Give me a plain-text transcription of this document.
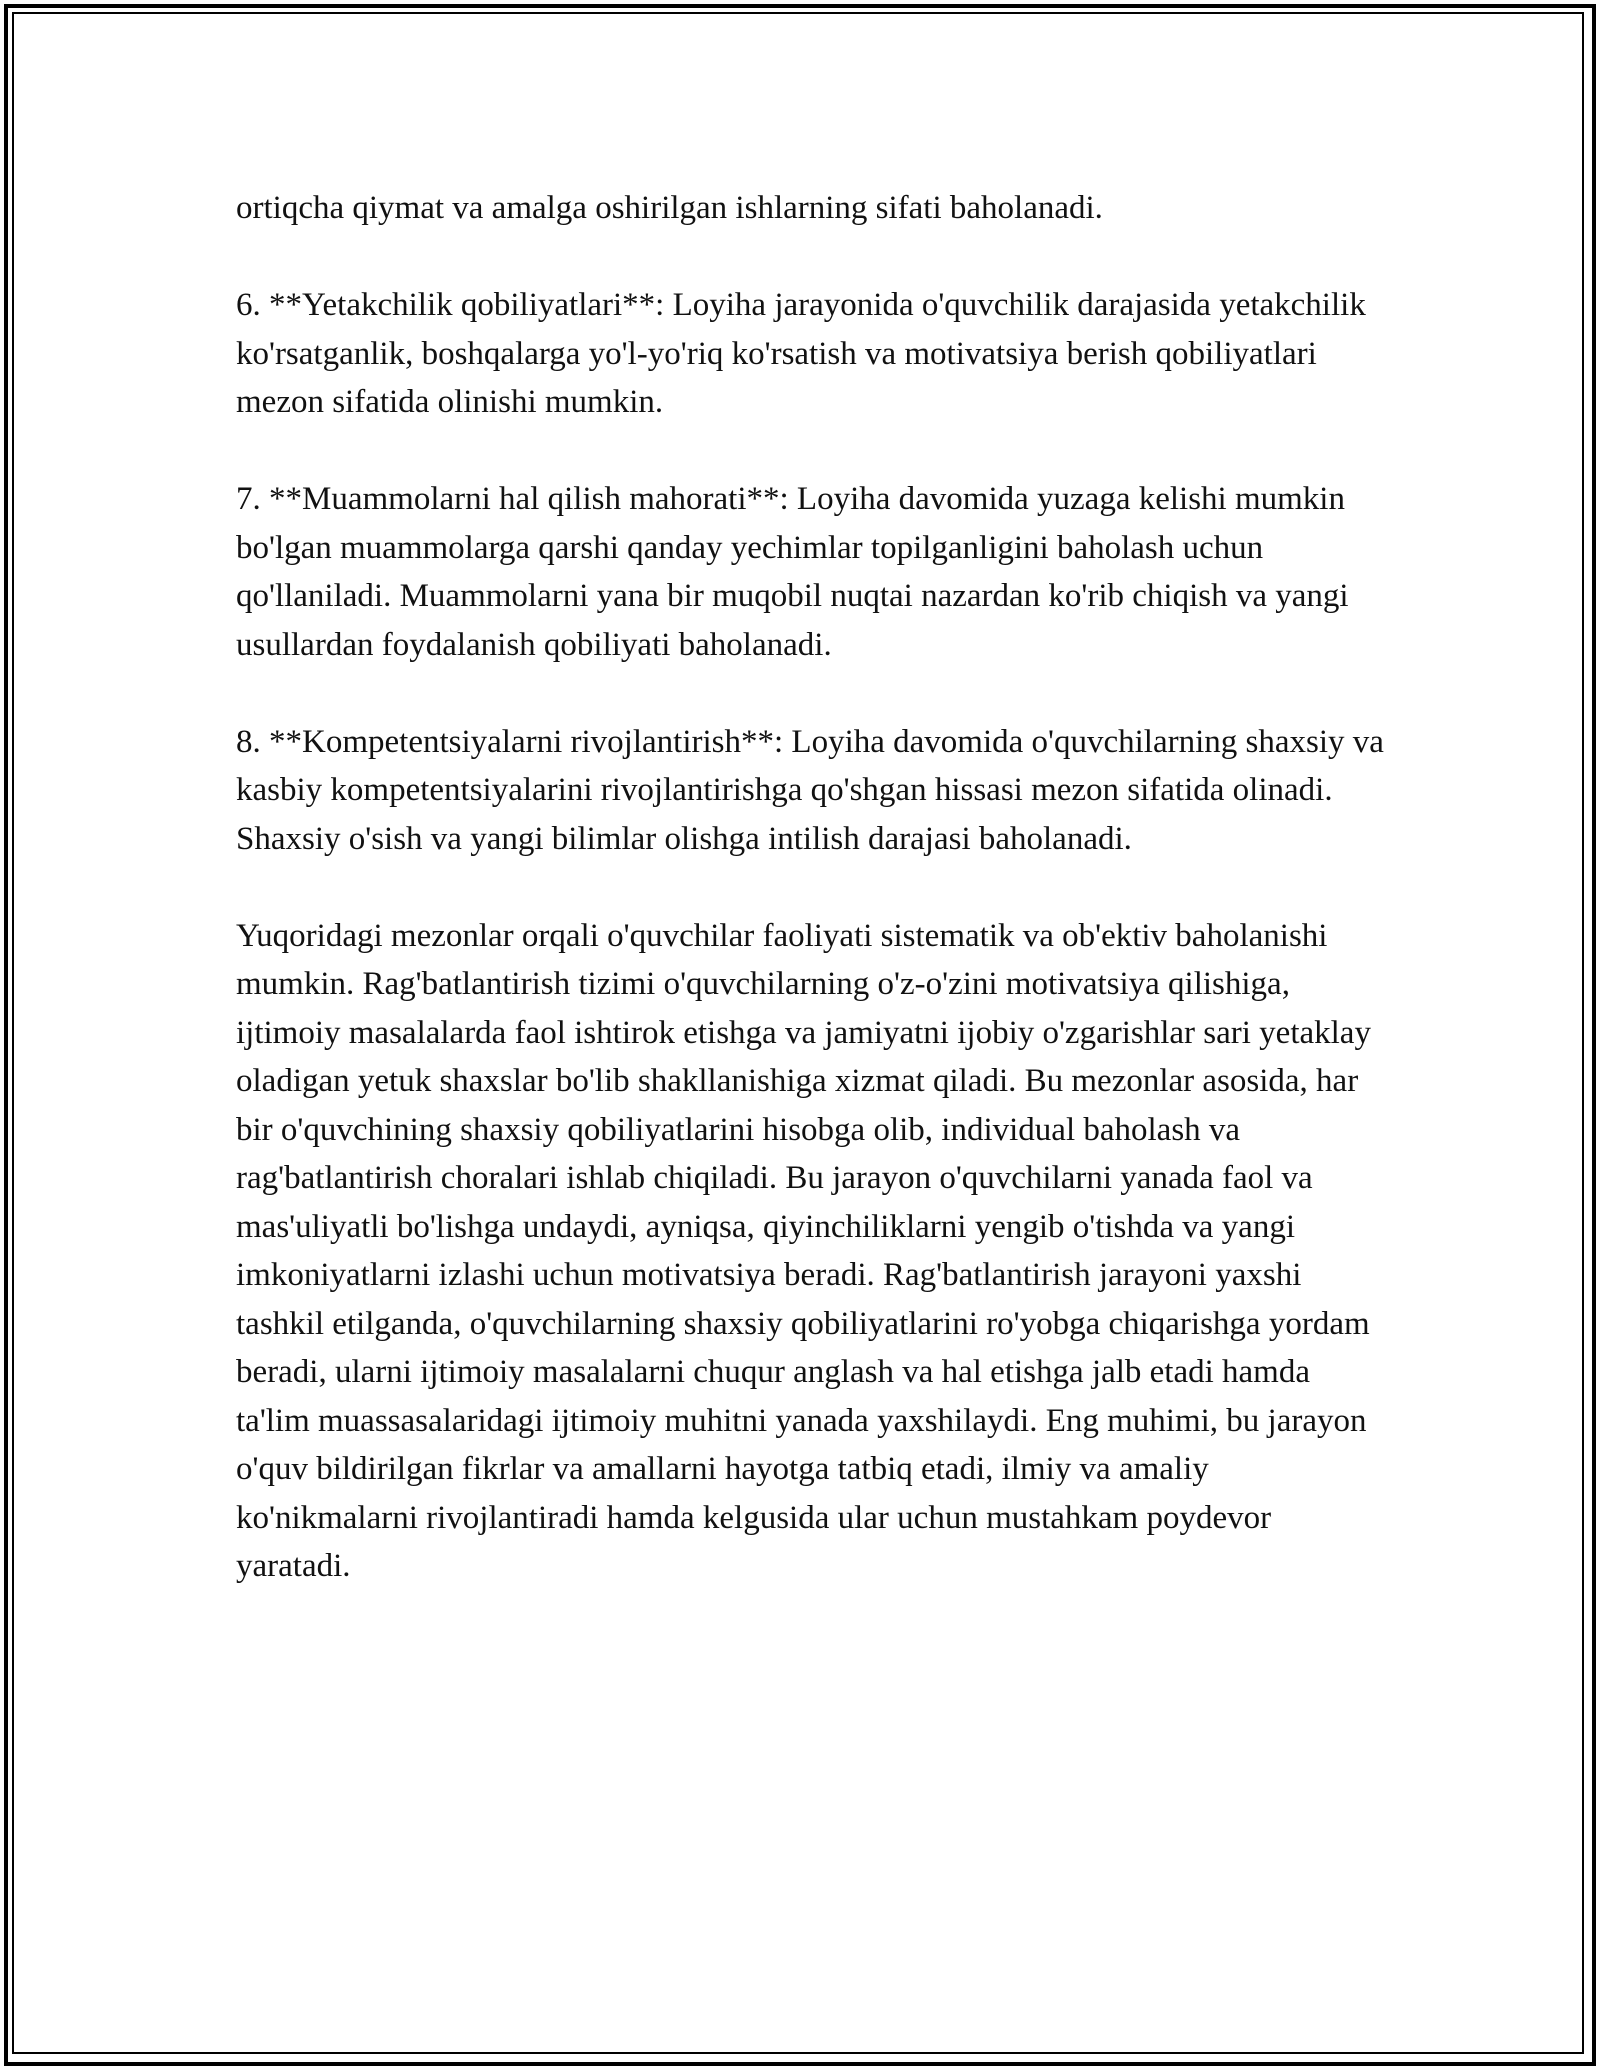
ortiqcha qiymat va amalga oshirilgan ishlarning sifati baholanadi.

6. **Yetakchilik qobiliyatlari**: Loyiha jarayonida o'quvchilik darajasida yetakchilik ko'rsatganlik, boshqalarga yo'l-yo'riq ko'rsatish va motivatsiya berish qobiliyatlari mezon sifatida olinishi mumkin.

7. **Muammolarni hal qilish mahorati**: Loyiha davomida yuzaga kelishi mumkin bo'lgan muammolarga qarshi qanday yechimlar topilganligini baholash uchun qo'llaniladi. Muammolarni yana bir muqobil nuqtai nazardan ko'rib chiqish va yangi usullardan foydalanish qobiliyati baholanadi.

8. **Kompetentsiyalarni rivojlantirish**: Loyiha davomida o'quvchilarning shaxsiy va kasbiy kompetentsiyalarini rivojlantirishga qo'shgan hissasi mezon sifatida olinadi. Shaxsiy o'sish va yangi bilimlar olishga intilish darajasi baholanadi.

Yuqoridagi mezonlar orqali o'quvchilar faoliyati sistematik va ob'ektiv baholanishi mumkin. Rag'batlantirish tizimi o'quvchilarning o'z-o'zini motivatsiya qilishiga, ijtimoiy masalalarda faol ishtirok etishga va jamiyatni ijobiy o'zgarishlar sari yetaklay oladigan yetuk shaxslar bo'lib shakllanishiga xizmat qiladi. Bu mezonlar asosida, har bir o'quvchining shaxsiy qobiliyatlarini hisobga olib, individual baholash va rag'batlantirish choralari ishlab chiqiladi. Bu jarayon o'quvchilarni yanada faol va mas'uliyatli bo'lishga undaydi, ayniqsa, qiyinchiliklarni yengib o'tishda va yangi imkoniyatlarni izlashi uchun motivatsiya beradi. Rag'batlantirish jarayoni yaxshi tashkil etilganda, o'quvchilarning shaxsiy qobiliyatlarini ro'yobga chiqarishga yordam beradi, ularni ijtimoiy masalalarni chuqur anglash va hal etishga jalb etadi hamda ta'lim muassasalaridagi ijtimoiy muhitni yanada yaxshilaydi. Eng muhimi, bu jarayon o'quv bildirilgan fikrlar va amallarni hayotga tatbiq etadi, ilmiy va amaliy ko'nikmalarni rivojlantiradi hamda kelgusida ular uchun mustahkam poydevor yaratadi.
